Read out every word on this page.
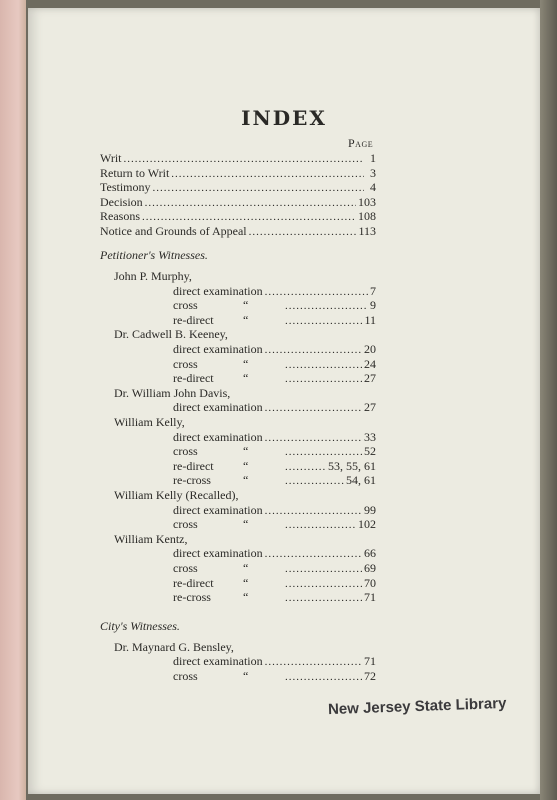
INDEX
Page
Writ .....	1
Return to Writ .....	3
Testimony .....	4
Decision .....	103
Reasons .....	108
Notice and Grounds of Appeal .....	113
Petitioner's Witnesses.
John P. Murphy,
direct examination .....	7
cross	“ .....	9
re-direct	“ .....	11
Dr. Cadwell B. Keeney,
direct examination .....	20
cross	“ .....	24
re-direct	“ .....	27
Dr. William John Davis,
direct examination .....	27
William Kelly,
direct examination .....	33
cross	“ .....	52
re-direct	“ .....	53, 55, 61
re-cross	“ .....	54, 61
William Kelly (Recalled),
direct examination .....	99
cross	“ .....	102
William Kentz,
direct examination .....	66
cross	“ .....	69
re-direct	“ .....	70
re-cross	“ .....	71
City's Witnesses.
Dr. Maynard G. Bensley,
direct examination .....	71
cross	“ .....	72
New Jersey State Library
